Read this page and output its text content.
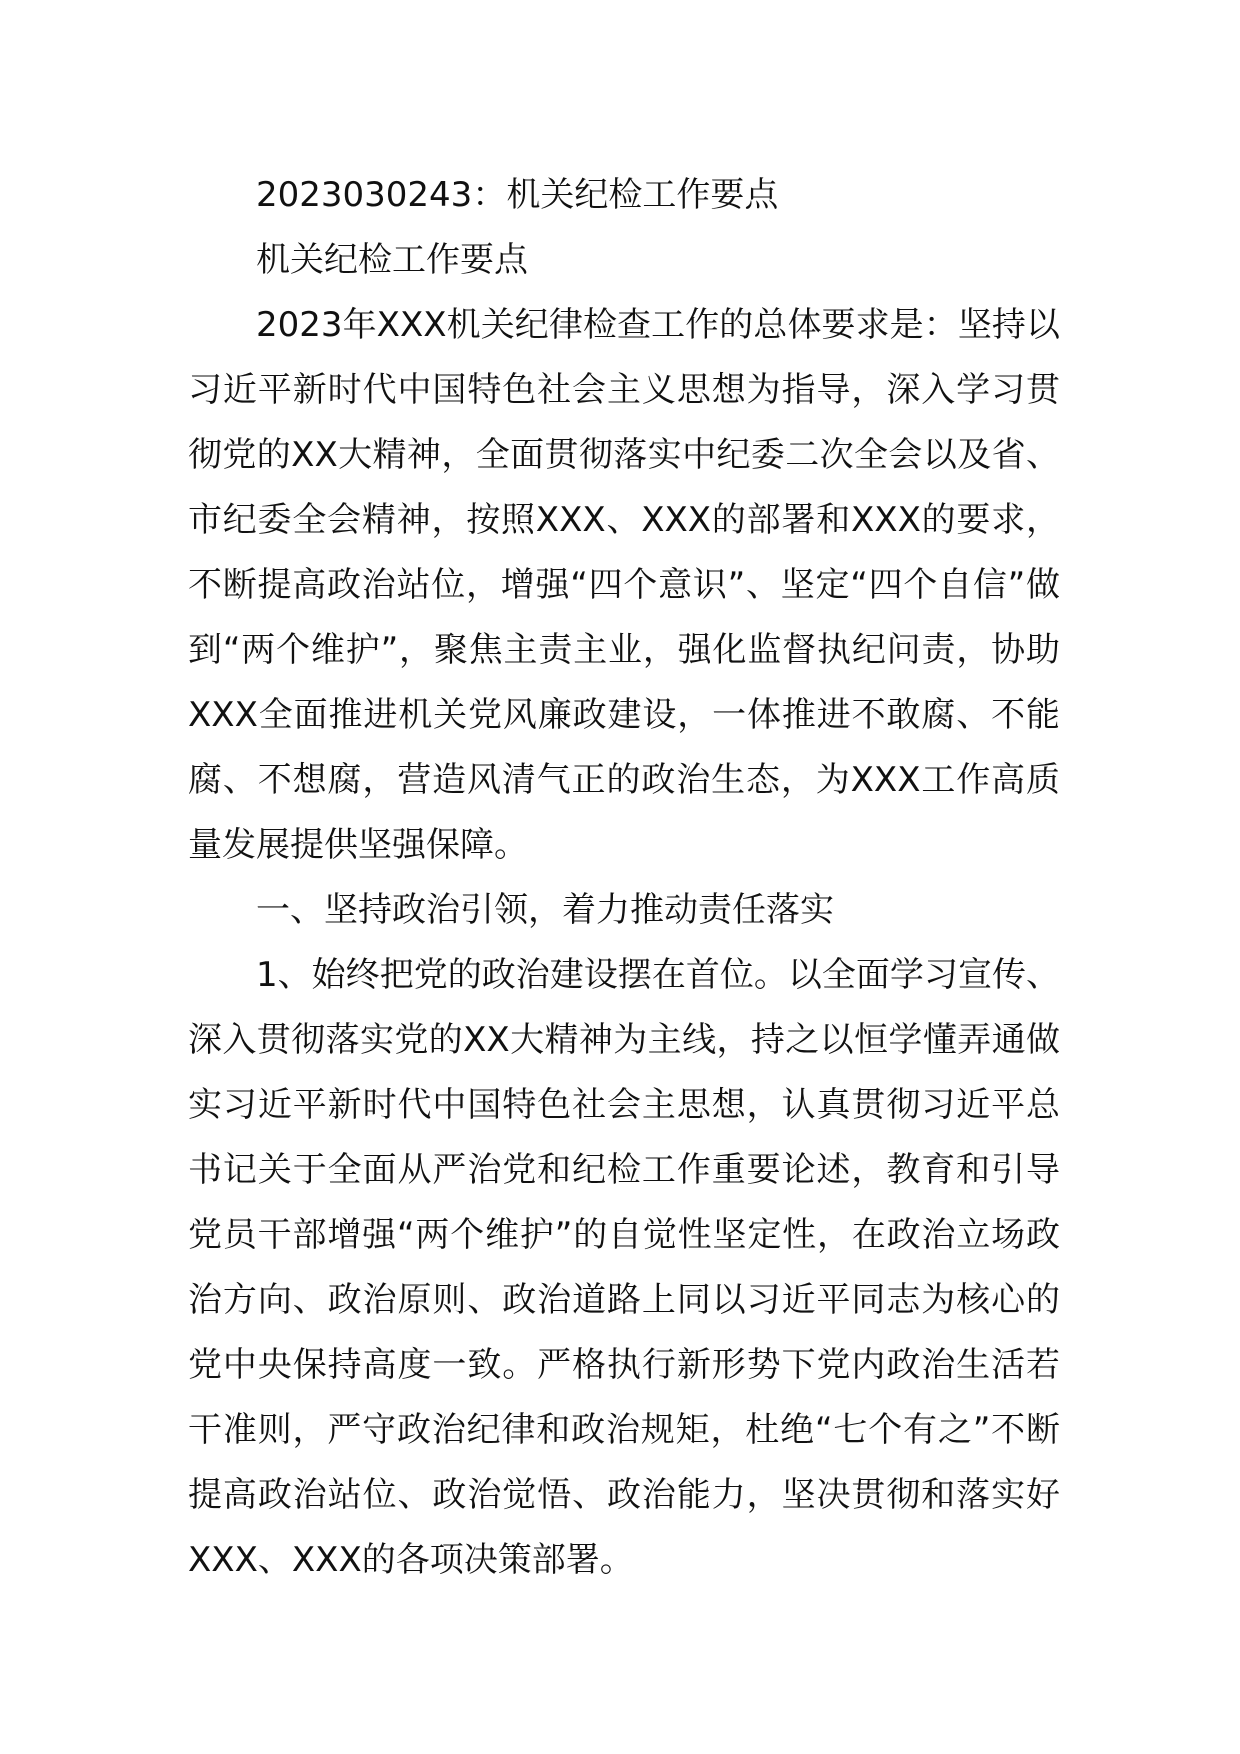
2023030243：机关纪检工作要点

机关纪检工作要点

2023年XXX机关纪律检查工作的总体要求是：坚持以习近平新时代中国特色社会主义思想为指导，深入学习贯彻党的XX大精神，全面贯彻落实中纪委二次全会以及省、市纪委全会精神，按照XXX、XXX的部署和XXX的要求，不断提高政治站位，增强“四个意识”、坚定“四个自信”做到“两个维护”，聚焦主责主业，强化监督执纪问责，协助XXX全面推进机关党风廉政建设，一体推进不敢腐、不能腐、不想腐，营造风清气正的政治生态，为XXX工作高质量发展提供坚强保障。

一、坚持政治引领，着力推动责任落实

1、始终把党的政治建设摆在首位。以全面学习宣传、深入贯彻落实党的XX大精神为主线，持之以恒学懂弄通做实习近平新时代中国特色社会主思想，认真贯彻习近平总书记关于全面从严治党和纪检工作重要论述，教育和引导党员干部增强“两个维护”的自觉性坚定性，在政治立场政治方向、政治原则、政治道路上同以习近平同志为核心的党中央保持高度一致。严格执行新形势下党内政治生活若干准则，严守政治纪律和政治规矩，杜绝“七个有之”不断提高政治站位、政治觉悟、政治能力，坚决贯彻和落实好XXX、XXX的各项决策部署。
